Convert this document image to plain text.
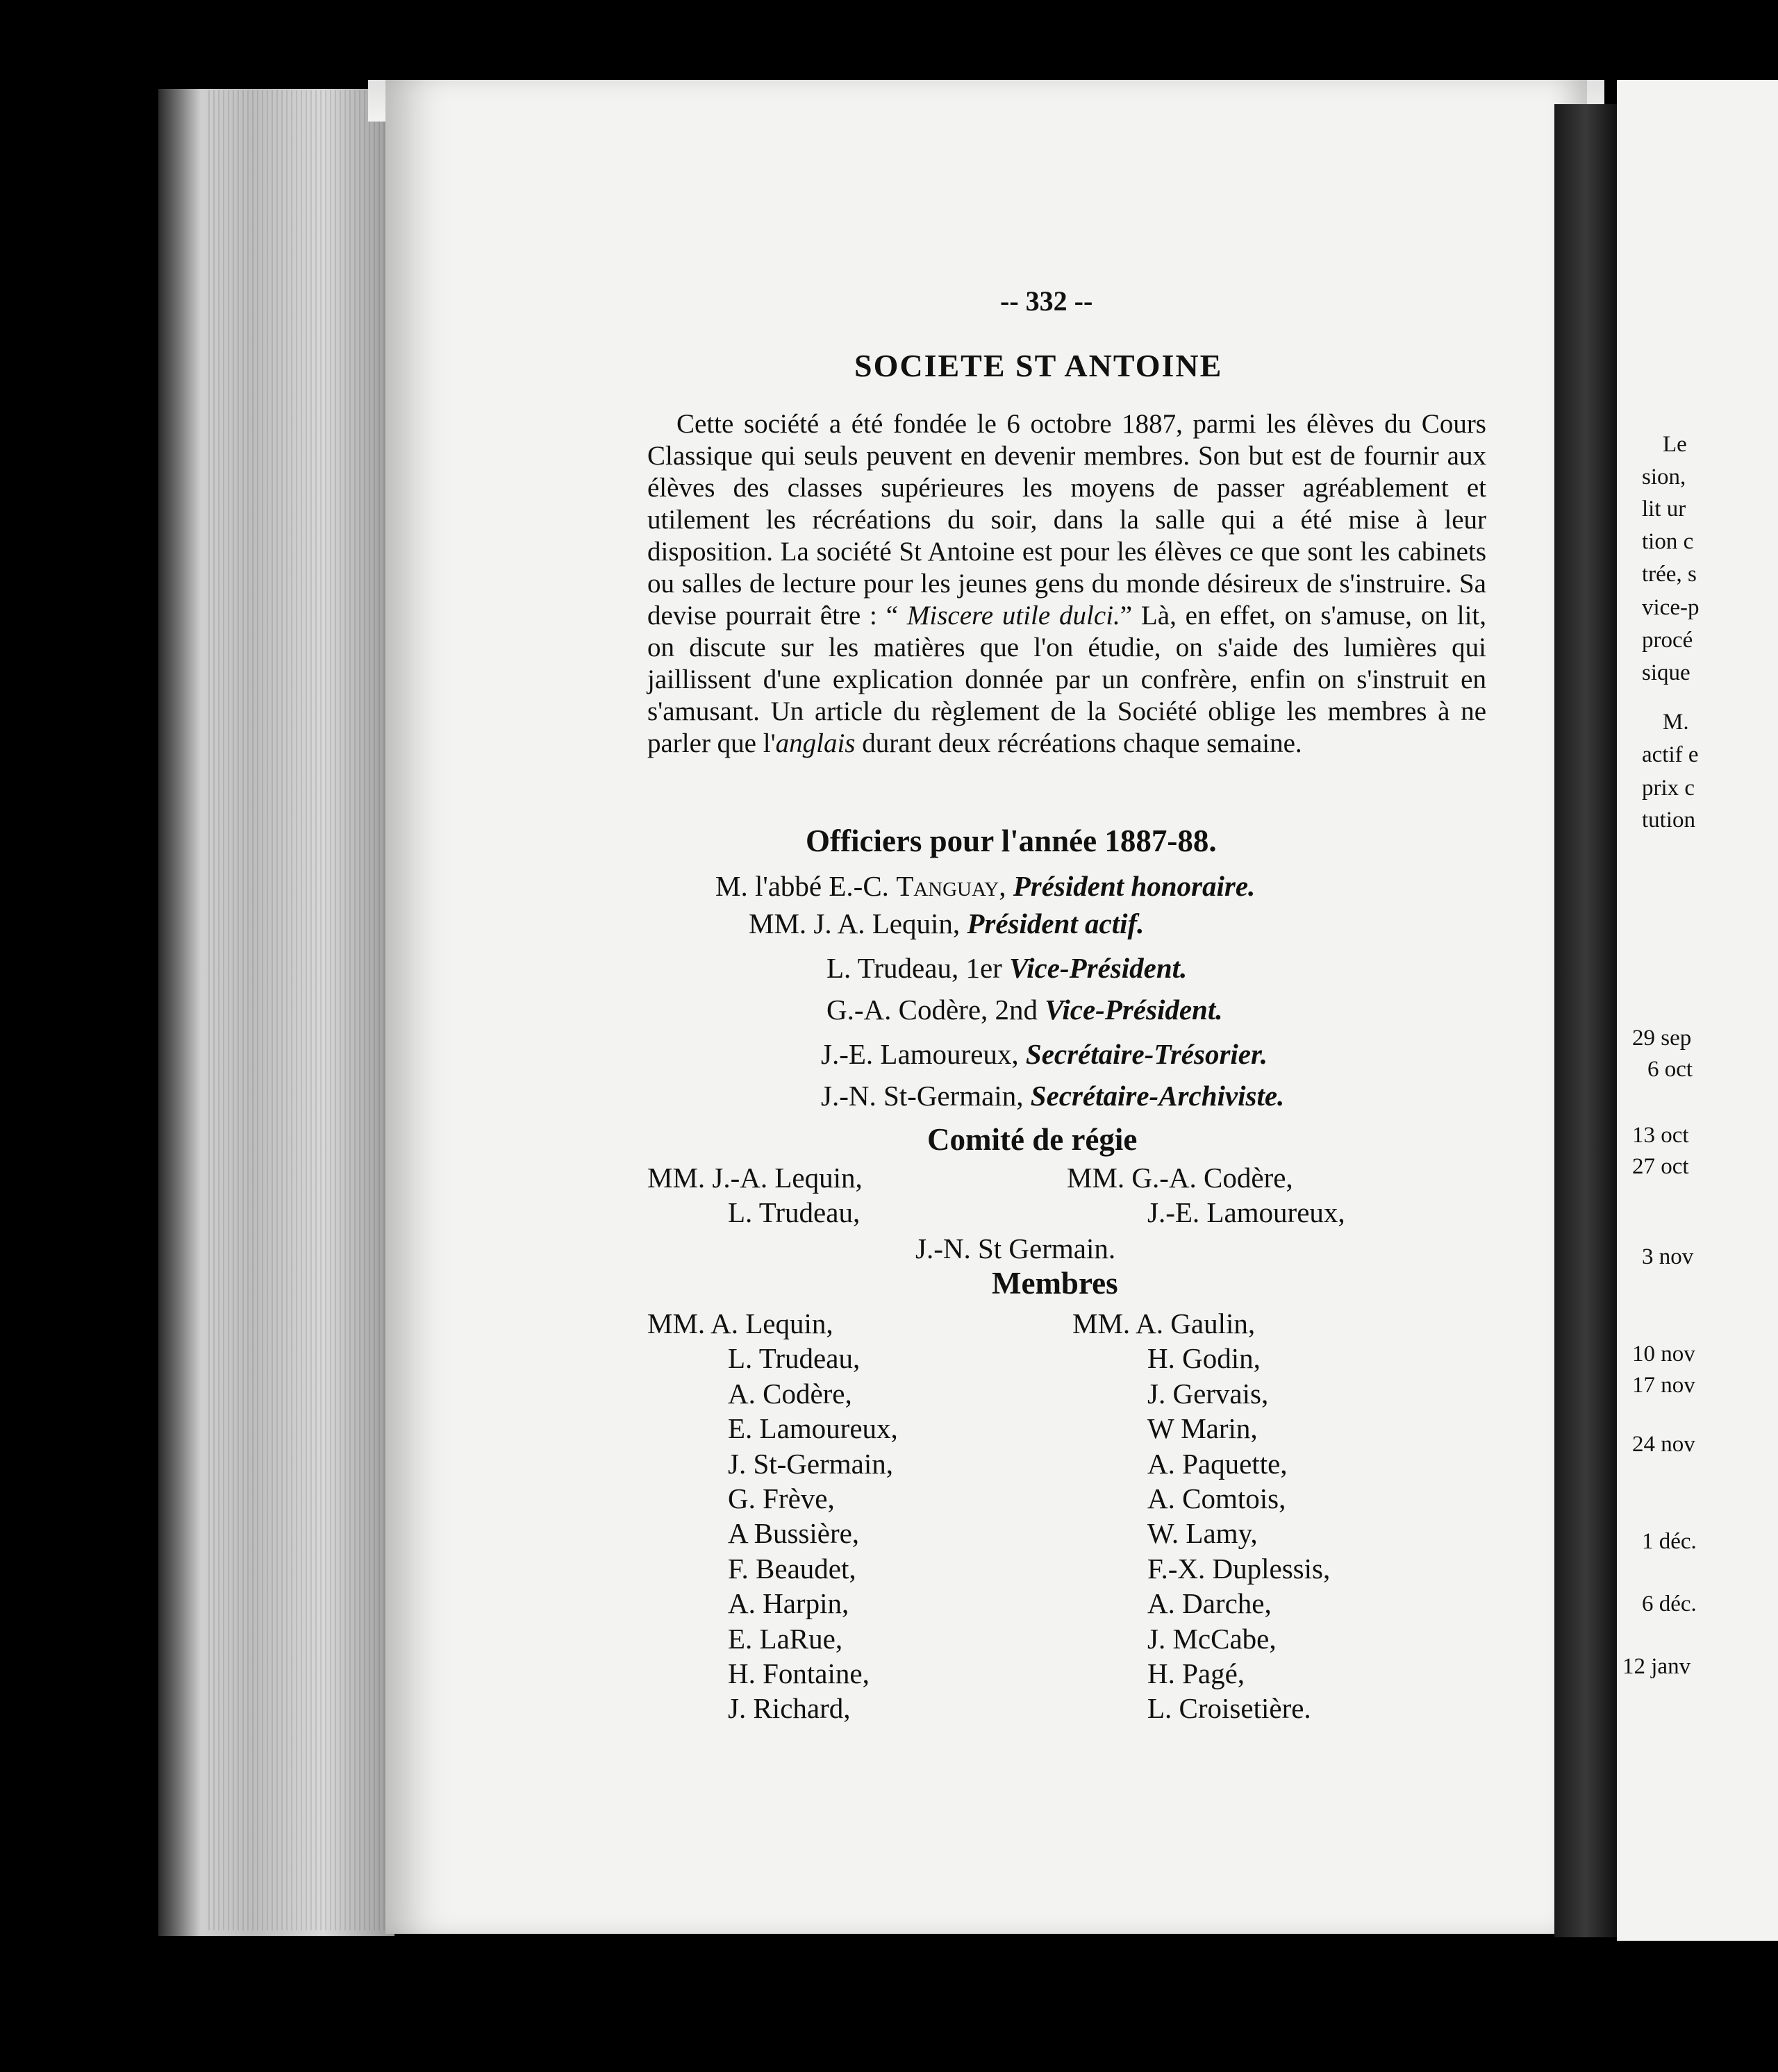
Le
sion,
lit ur
tion c
trée, s
vice-p
procé
sique
M.
actif e
prix c
tution
29 sep
6 oct
13 oct
27 oct
3 nov
10 nov
17 nov
24 nov
1 déc.
6 déc.
12 janv
-- 332 --
SOCIETE ST ANTOINE
Cette société a été fondée le 6 octobre 1887, parmi les élèves du Cours Classique qui seuls peuvent en devenir membres. Son but est de fournir aux élèves des classes supérieures les moyens de passer agréablement et utilement les récréations du soir, dans la salle qui a été mise à leur disposition. La société St Antoine est pour les élèves ce que sont les cabinets ou salles de lecture pour les jeunes gens du monde désireux de s'instruire. Sa devise pourrait être : “ Miscere utile dulci.” Là, en effet, on s'amuse, on lit, on discute sur les matières que l'on étudie, on s'aide des lumières qui jaillissent d'une explication donnée par un confrère, enfin on s'instruit en s'amusant. Un article du règlement de la Société oblige les membres à ne parler que l'anglais durant deux récréations chaque semaine.
Officiers pour l'année 1887-88.
M. l'abbé E.-C. Tanguay, Président honoraire.
MM. J. A. Lequin, Président actif.
L. Trudeau, 1er Vice-Président.
G.-A. Codère, 2nd Vice-Président.
J.-E. Lamoureux, Secrétaire-Trésorier.
J.-N. St-Germain, Secrétaire-Archiviste.
Comité de régie
MM. J.-A. Lequin,
L. Trudeau,
MM. G.-A. Codère,
J.-E. Lamoureux,
J.-N. St Germain.
Membres
MM. A. Lequin,
L. Trudeau,
A. Codère,
E. Lamoureux,
J. St-Germain,
G. Frève,
A Bussière,
F. Beaudet,
A. Harpin,
E. LaRue,
H. Fontaine,
J. Richard,
MM. A. Gaulin,
H. Godin,
J. Gervais,
W Marin,
A. Paquette,
A. Comtois,
W. Lamy,
F.-X. Duplessis,
A. Darche,
J. McCabe,
H. Pagé,
L. Croisetière.
